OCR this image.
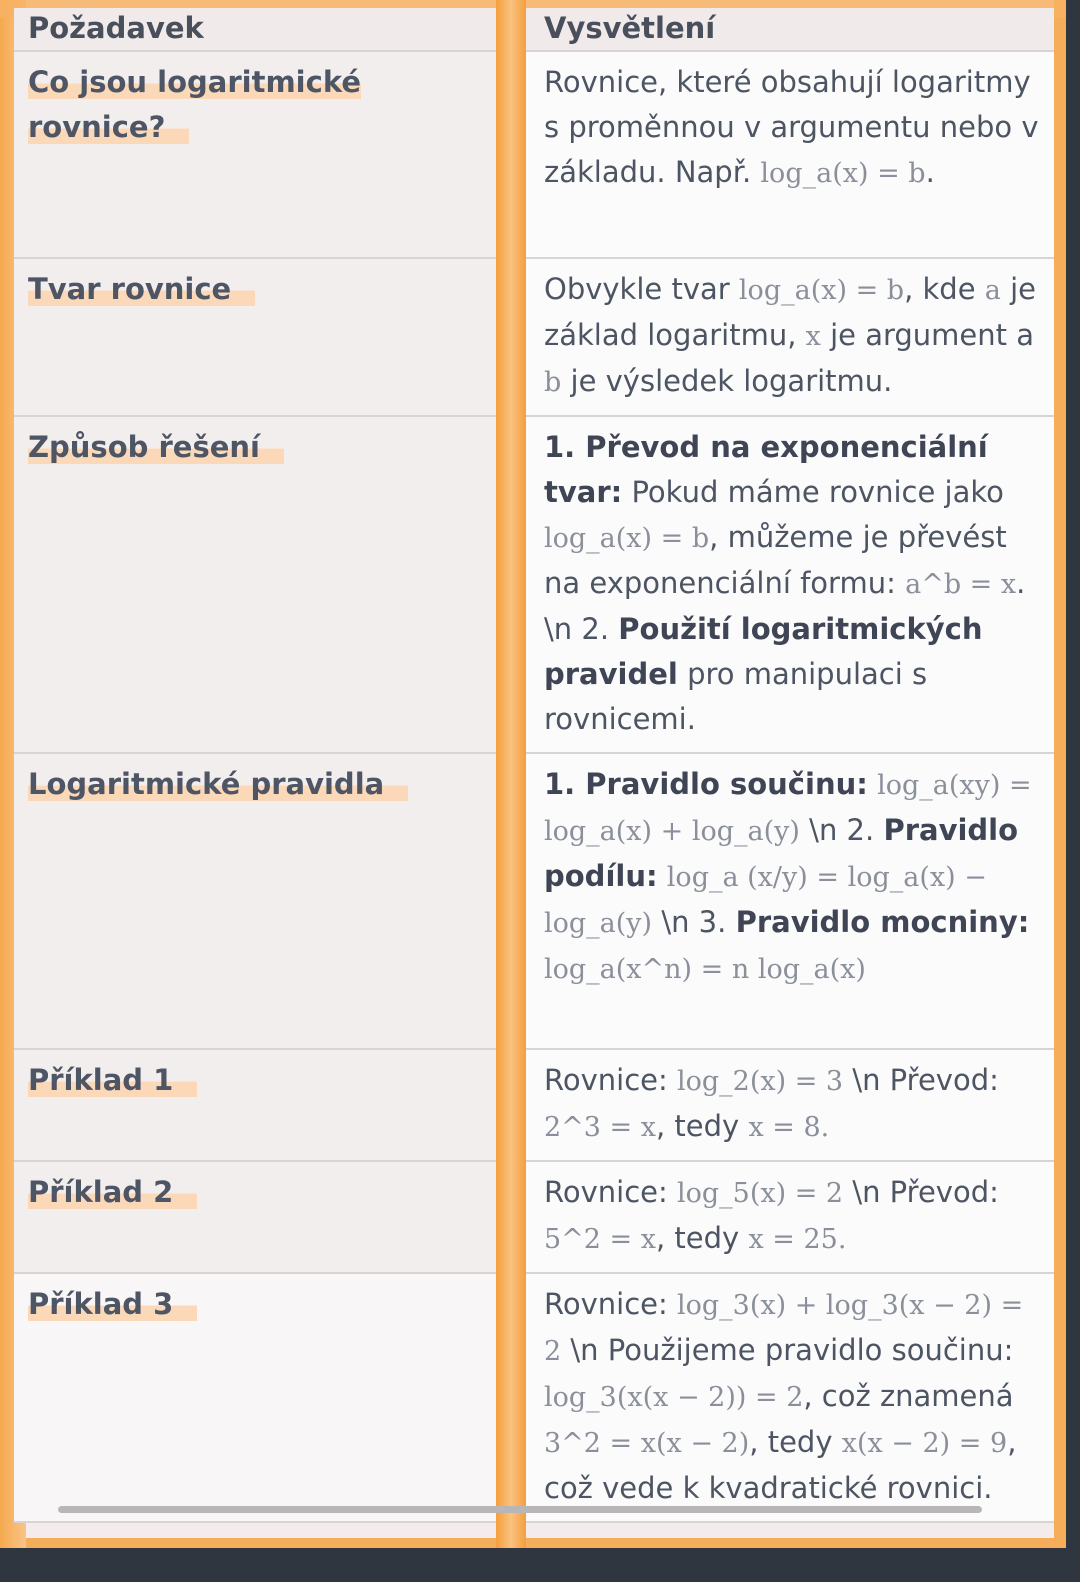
Požadavek	Vysvětlení
Co jsou logaritmické rovnice?	Rovnice, které obsahují logaritmy s proměnnou v argumentu nebo v základu. Např. log_a(x) = b.
Tvar rovnice	Obvykle tvar log_a(x) = b, kde a je základ logaritmu, x je argument a b je výsledek logaritmu.
Způsob řešení	1. Převod na exponenciální tvar: Pokud máme rovnice jako log_a(x) = b, můžeme je převést na exponenciální formu: a^b = x. \n 2. Použití logaritmických pravidel pro manipulaci s rovnicemi.
Logaritmické pravidla	1. Pravidlo součinu: log_a(xy) = log_a(x) + log_a(y) \n 2. Pravidlo podílu: log_a (x/y) = log_a(x) − log_a(y) \n 3. Pravidlo mocniny: log_a(x^n) = n log_a(x)
Příklad 1	Rovnice: log_2(x) = 3 \n Převod: 2^3 = x, tedy x = 8.
Příklad 2	Rovnice: log_5(x) = 2 \n Převod: 5^2 = x, tedy x = 25.
Příklad 3	Rovnice: log_3(x) + log_3(x − 2) = 2 \n Použijeme pravidlo součinu: log_3(x(x − 2)) = 2, což znamená 3^2 = x(x − 2), tedy x(x − 2) = 9, což vede k kvadratické rovnici.
